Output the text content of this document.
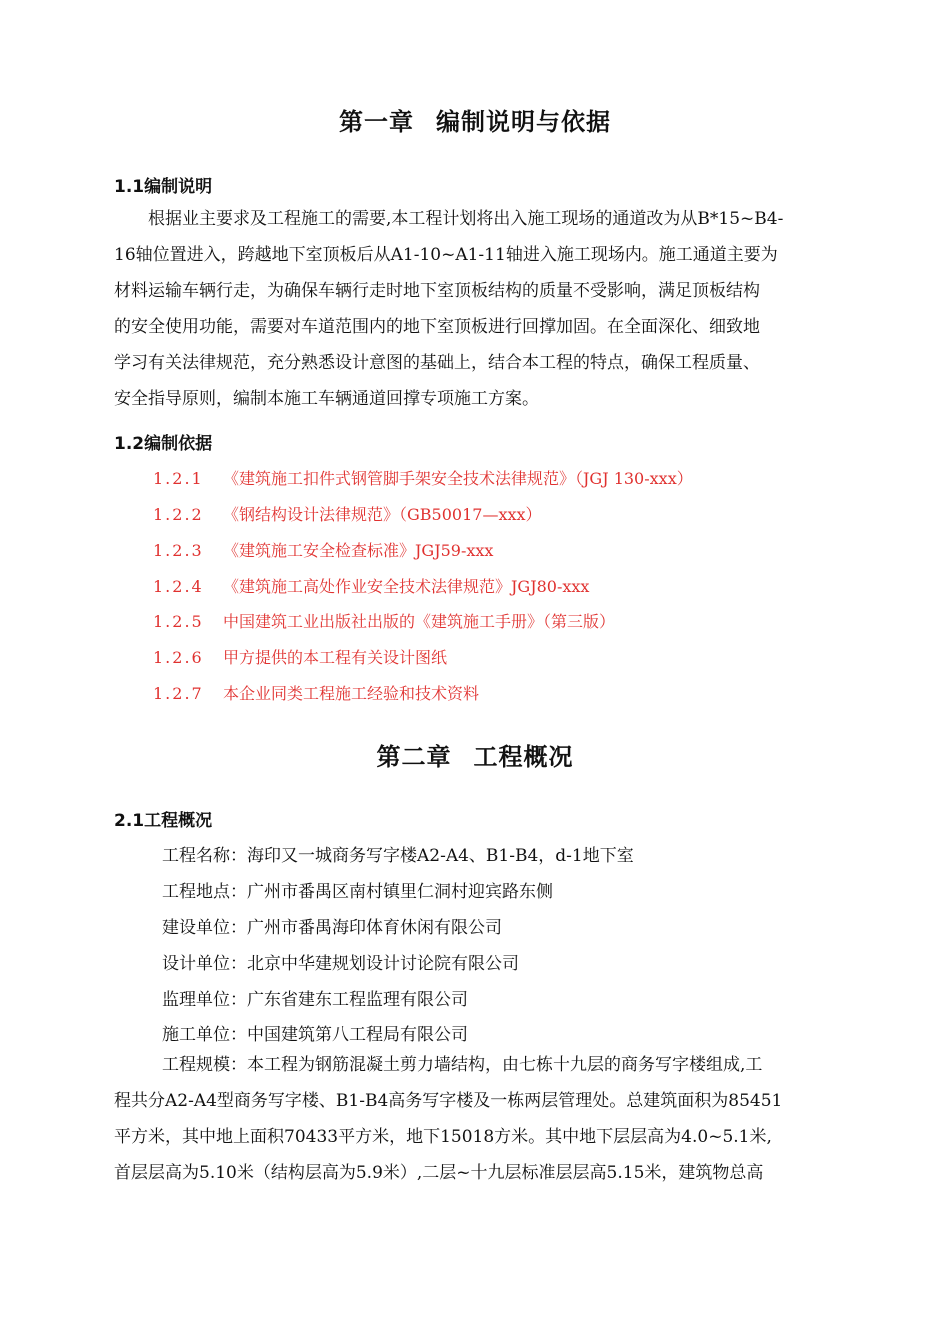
第一章 编制说明与依据
1.1编制说明
根据业主要求及工程施工的需要,本工程计划将出入施工现场的通道改为从B*15~B4-
16轴位置进入，跨越地下室顶板后从A1-10~A1-11轴进入施工现场内。施工通道主要为
材料运输车辆行走，为确保车辆行走时地下室顶板结构的质量不受影响，满足顶板结构
的安全使用功能，需要对车道范围内的地下室顶板进行回撑加固。在全面深化、细致地
学习有关法律规范，充分熟悉设计意图的基础上，结合本工程的特点，确保工程质量、
安全指导原则，编制本施工车辆通道回撑专项施工方案。
1.2编制依据
1.2.1 《建筑施工扣件式钢管脚手架安全技术法律规范》（JGJ 130-xxx）
1.2.2 《钢结构设计法律规范》（GB50017—xxx）
1.2.3 《建筑施工安全检查标准》JGJ59-xxx
1.2.4 《建筑施工高处作业安全技术法律规范》JGJ80-xxx
1.2.5 中国建筑工业出版社出版的《建筑施工手册》（第三版）
1.2.6 甲方提供的本工程有关设计图纸
1.2.7 本企业同类工程施工经验和技术资料
第二章 工程概况
2.1工程概况
工程名称：海印又一城商务写字楼A2-A4、B1-B4，d-1地下室
工程地点：广州市番禺区南村镇里仁洞村迎宾路东侧
建设单位：广州市番禺海印体育休闲有限公司
设计单位：北京中华建规划设计讨论院有限公司
监理单位：广东省建东工程监理有限公司
施工单位：中国建筑第八工程局有限公司
工程规模：本工程为钢筋混凝土剪力墙结构，由七栋十九层的商务写字楼组成,工
程共分A2-A4型商务写字楼、B1-B4高务写字楼及一栋两层管理处。总建筑面积为85451
平方米，其中地上面积70433平方米，地下15018方米。其中地下层层高为4.0~5.1米,
首层层高为5.10米（结构层高为5.9米）,二层~十九层标准层层高5.15米，建筑物总高
